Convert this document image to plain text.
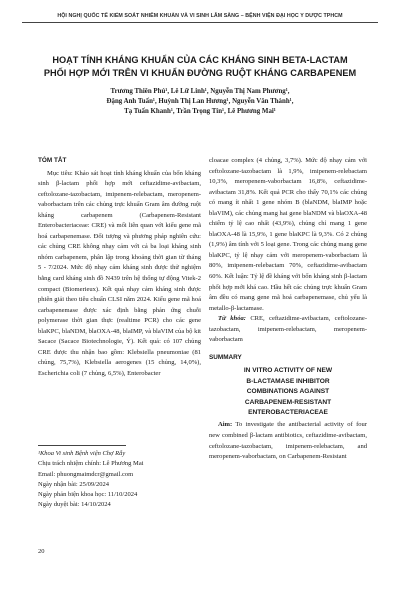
HỘI NGHỊ QUỐC TẾ KIỂM SOÁT NHIỄM KHUẨN VÀ VI SINH LÂM SÀNG – BỆNH VIỆN ĐẠI HỌC Y DƯỢC TPHCM
HOẠT TÍNH KHÁNG KHUẨN CỦA CÁC KHÁNG SINH BETA-LACTAM
PHỐI HỢP MỚI TRÊN VI KHUẨN ĐƯỜNG RUỘT KHÁNG CARBAPENEM
Trương Thiên Phú¹, Lê Lữ Linh¹, Nguyễn Thị Nam Phương¹,
Đặng Anh Tuấn¹, Huỳnh Thị Lan Hương¹, Nguyễn Văn Thành¹,
Tạ Tuấn Khanh¹, Trần Trọng Tín¹, Lê Phương Mai¹
TÓM TẮT

Mục tiêu: Khảo sát hoạt tính kháng khuẩn của bốn kháng sinh β-lactam phối hợp mới ceftazidime-avibactam, ceftolozane-tazobactam, imipenem-relebactam, meropenem-vaborbactam trên các chủng trực khuẩn Gram âm đường ruột kháng carbapenem (Carbapenem-Resistant Enterobacteriaceae: CRE) và mối liên quan với kiểu gene mã hoá carbapenemase. Đối tượng và phương pháp nghiên cứu: các chủng CRE không nhạy cảm với cả ba loại kháng sinh nhóm carbapenem, phân lập trong khoảng thời gian từ tháng 5 - 7/2024. Mức độ nhạy cảm kháng sinh được thử nghiệm bằng card kháng sinh đồ N439 trên hệ thống tự động Vitek-2 compact (Biomerieux). Kết quả nhạy cảm kháng sinh được phiên giải theo tiêu chuẩn CLSI năm 2024. Kiểu gene mã hoá carbapenemase được xác định bằng phản ứng chuỗi polymerase thời gian thực (realtime PCR) cho các gene blaKPC, blaNDM, blaOXA-48, blaIMP, và blaVIM của bộ kit Sacace (Sacace Biotechnologie, Ý). Kết quả: có 107 chủng CRE được thu nhận bao gồm: Klebsiella pneumoniae (81 chủng, 75,7%), Klebsiella aerogenes (15 chủng, 14,0%), Escherichia coli (7 chủng, 6,5%), Enterobacter

cloacae complex (4 chủng, 3,7%). Mức độ nhạy cảm với ceftolozane-tazobactam là 1,9%, imipenem-relebactam 10,3%, meropenem-vaborbactam 16,8%, ceftazidime-avibactam 31,8%. Kết quả PCR cho thấy 70,1% các chủng có mang ít nhất 1 gene nhóm B (blaNDM, blaIMP hoặc blaVIM), các chủng mang hai gene blaNDM và blaOXA-48 chiếm tỷ lệ cao nhất (43,9%), chủng chỉ mang 1 gene blaOXA-48 là 15,9%, 1 gene blaKPC là 9,3%. Có 2 chủng (1,9%) âm tính với 5 loại gene. Trong các chủng mang gene blaKPC, tỷ lệ nhạy cảm với meropenem-vaborbactam là 80%, imipenem-relebactam 70%, ceftazidime-avibactam 60%. Kết luận: Tỷ lệ đề kháng với bốn kháng sinh β-lactam phối hợp mới khá cao. Hầu hết các chủng trực khuẩn Gram âm đều có mang gene mã hoá carbapenemase, chủ yếu là metallo-β-lactamase.

Từ khóa: CRE, ceftazidime-avibactam, ceftolozane-tazobactam, imipenem-relebactam, meropenem-vaborbactam

SUMMARY
IN VITRO ACTIVITY OF NEW
B-LACTAMASE INHIBITOR
COMBINATIONS AGAINST
CARBAPENEM-RESISTANT
ENTEROBACTERIACEAE

Aim: To investigate the antibacterial activity of four new combined β-lactam antibiotics, ceftazidime-avibactam, ceftolozane-tazobactam, imipenem-relebactam, and meropenem-vaborbactam, on Carbapenem-Resistant

¹Khoa Vi sinh Bệnh viện Chợ Rẫy

Chịu trách nhiệm chính: Lê Phương Mai

Email: phuongmaimdcr@gmail.com

Ngày nhận bài: 25/09/2024

Ngày phản biện khoa học: 11/10/2024

Ngày duyệt bài: 14/10/2024

20
